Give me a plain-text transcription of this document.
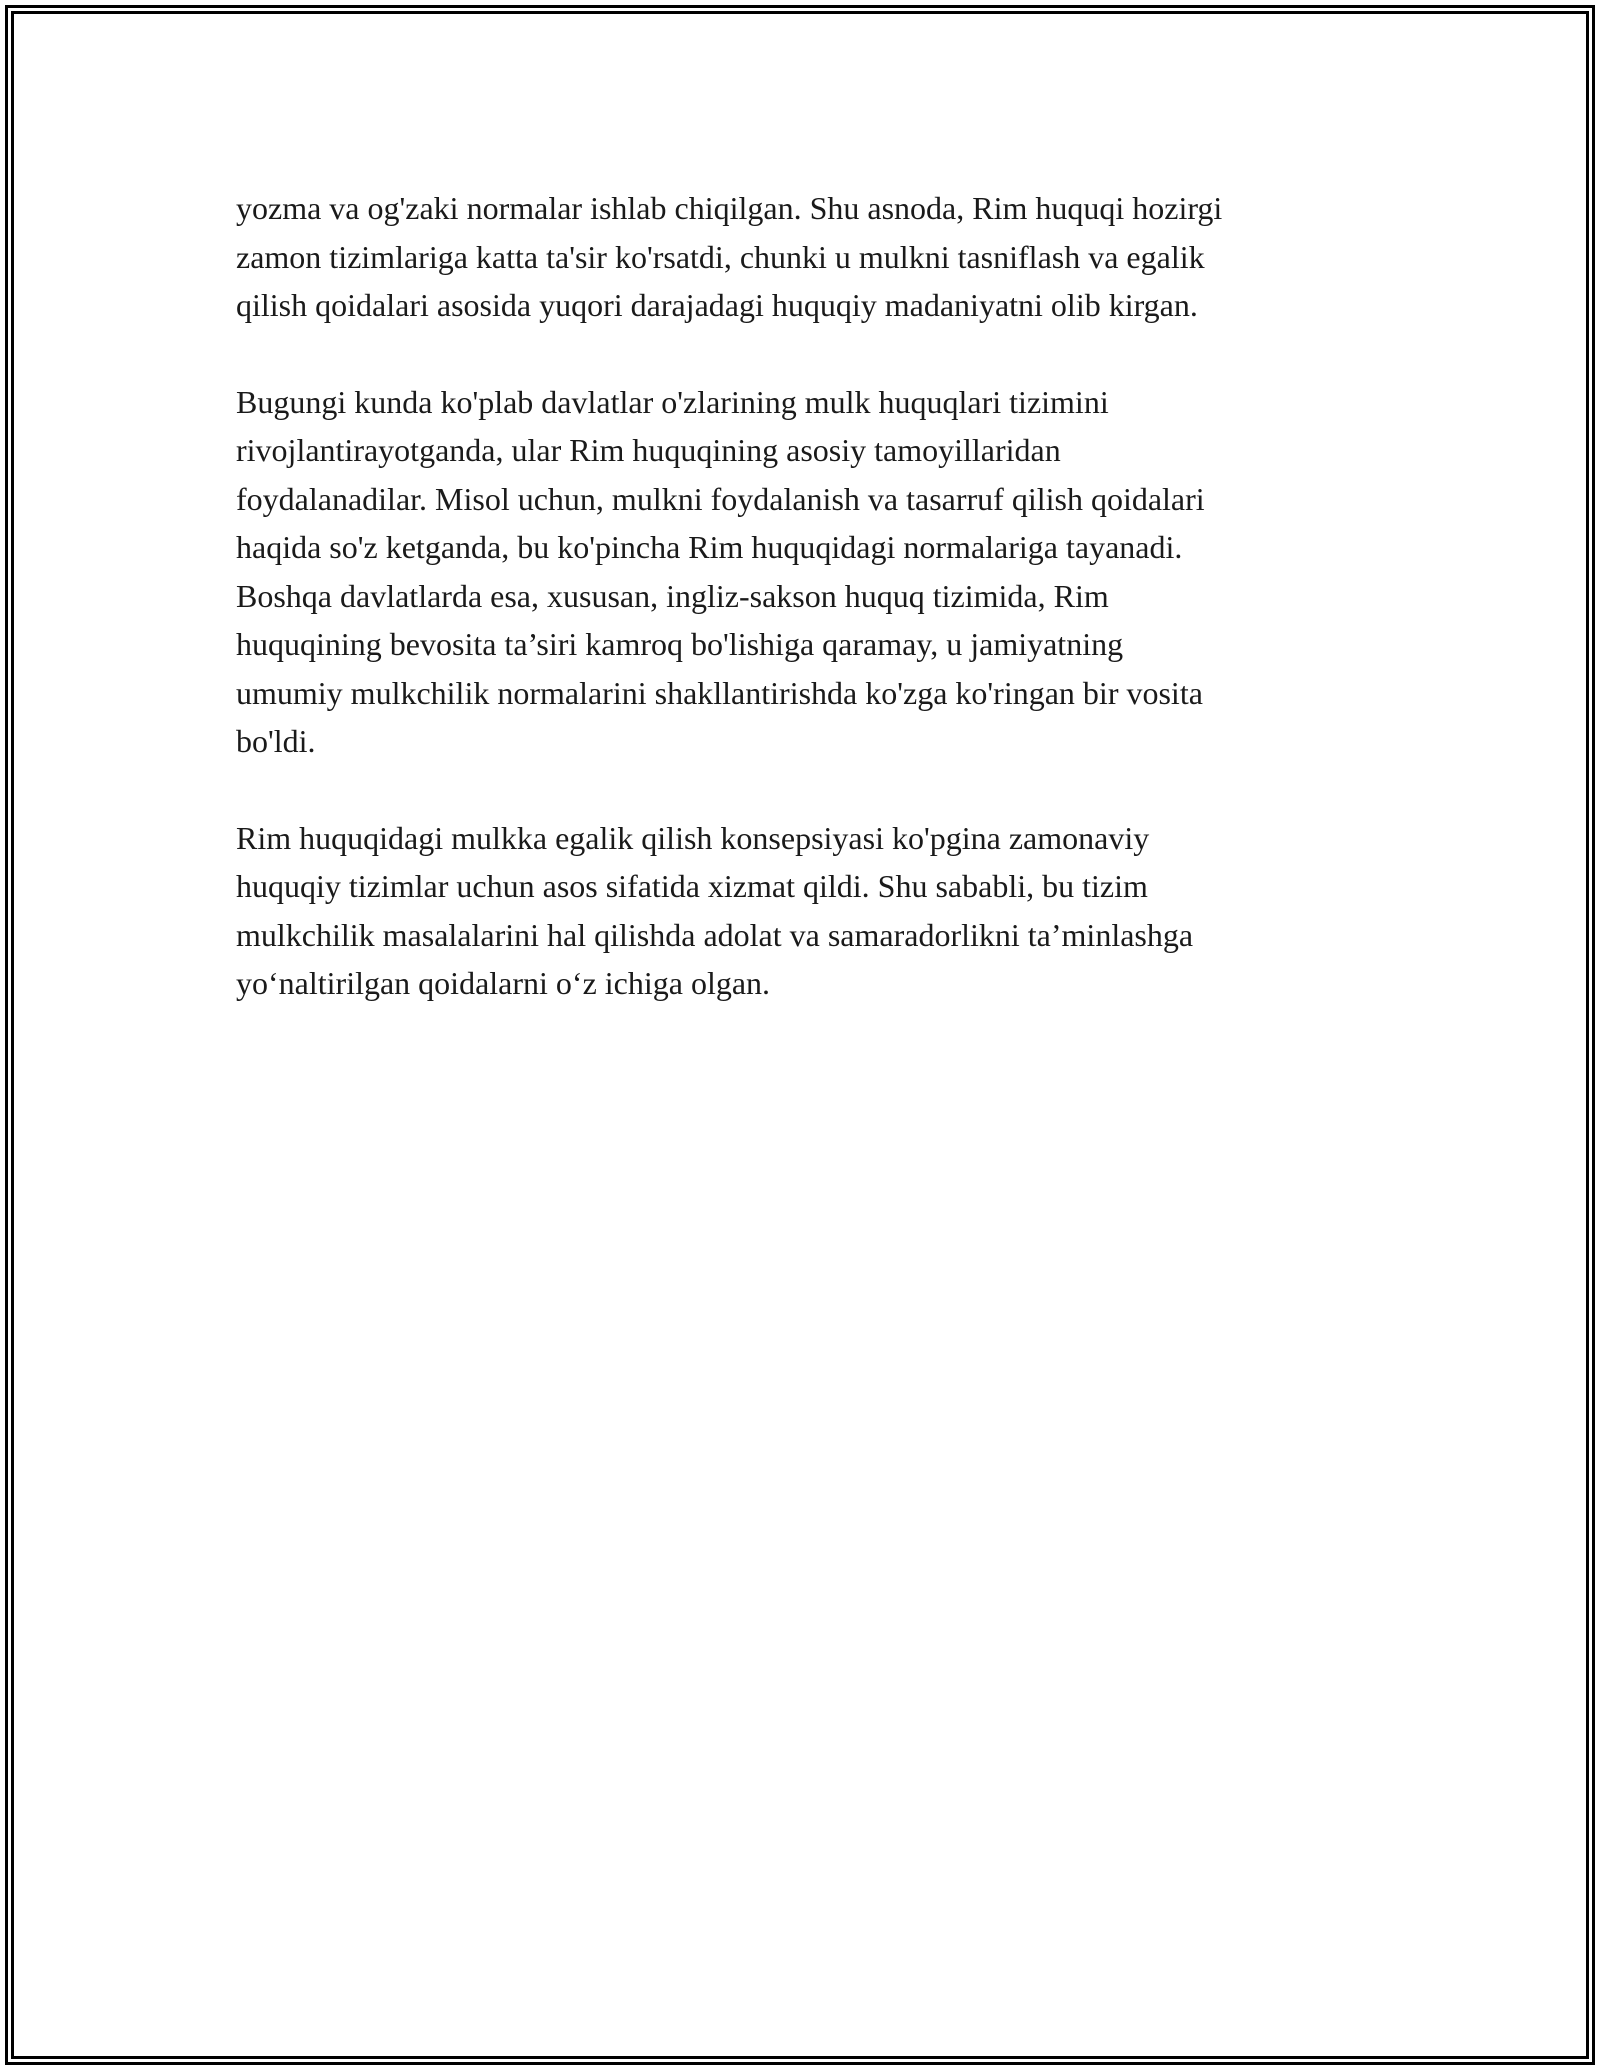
yozma va og'zaki normalar ishlab chiqilgan. Shu asnoda, Rim huquqi hozirgi
zamon tizimlariga katta ta'sir ko'rsatdi, chunki u mulkni tasniflash va egalik
qilish qoidalari asosida yuqori darajadagi huquqiy madaniyatni olib kirgan.

Bugungi kunda ko'plab davlatlar o'zlarining mulk huquqlari tizimini
rivojlantirayotganda, ular Rim huquqining asosiy tamoyillaridan
foydalanadilar. Misol uchun, mulkni foydalanish va tasarruf qilish qoidalari
haqida so'z ketganda, bu ko'pincha Rim huquqidagi normalariga tayanadi.
Boshqa davlatlarda esa, xususan, ingliz-sakson huquq tizimida, Rim
huquqining bevosita ta’siri kamroq bo'lishiga qaramay, u jamiyatning
umumiy mulkchilik normalarini shakllantirishda ko'zga ko'ringan bir vosita
bo'ldi.

Rim huquqidagi mulkka egalik qilish konsepsiyasi ko'pgina zamonaviy
huquqiy tizimlar uchun asos sifatida xizmat qildi. Shu sababli, bu tizim
mulkchilik masalalarini hal qilishda adolat va samaradorlikni ta’minlashga
yo‘naltirilgan qoidalarni o‘z ichiga olgan.
